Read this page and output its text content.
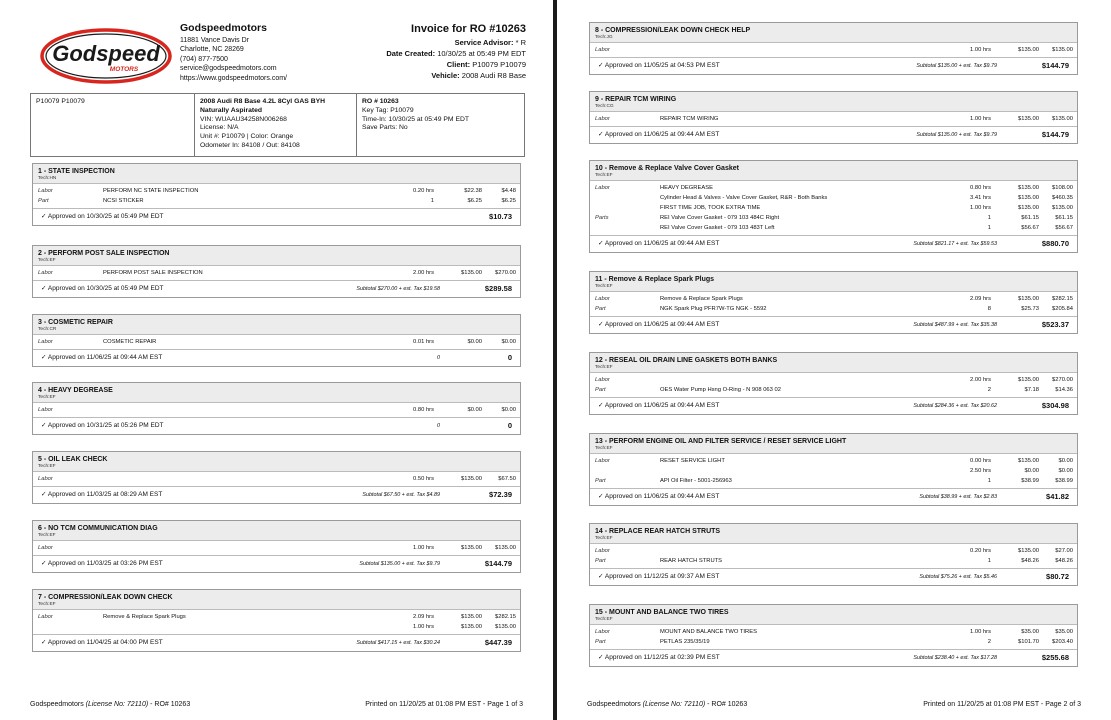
Godspeed
MOTORS
Godspeedmotors
11881 Vance Davis Dr
Charlotte, NC 28269
(704) 877-7500
service@godspeedmotors.com
https://www.godspeedmotors.com/
Invoice for RO #10263
Service Advisor: * R
Date Created: 10/30/25 at 05:49 PM EDT
Client: P10079 P10079
Vehicle: 2008 Audi R8 Base
P10079 P10079	2008 Audi R8 Base 4.2L 8Cyl GAS BYH
Naturally Aspirated
VIN: WUAAU34258N006268
License: N/A
Unit #: P10079 | Color: Orange
Odometer In: 84108 / Out: 84108
RO # 10263
Key Tag: P10079
Time-In: 10/30/25 at 05:49 PM EDT
Save Parts: No
1 - STATE INSPECTION
Tech:HN
Labor	PERFORM NC STATE INSPECTION	0.20 hrs	$22.38	$4.48
Part	NCSI STICKER	1	$6.25	$6.25
✓ Approved on 10/30/25 at 05:49 PM EDT	$10.73
2 - PERFORM POST SALE INSPECTION
Tech:EF
Labor	PERFORM POST SALE INSPECTION	2.00 hrs	$135.00	$270.00
✓ Approved on 10/30/25 at 05:49 PM EDT	Subtotal $270.00 + est. Tax $19.58	$289.58
3 - COSMETIC REPAIR
Tech:CR
Labor	COSMETIC REPAIR	0.01 hrs	$0.00	$0.00
✓ Approved on 11/06/25 at 09:44 AM EST	0	0
4 - HEAVY DEGREASE
Tech:EF
Labor	0.80 hrs	$0.00	$0.00
✓ Approved on 10/31/25 at 05:26 PM EDT	0	0
5 - OIL LEAK CHECK
Tech:EF
Labor	0.50 hrs	$135.00	$67.50
✓ Approved on 11/03/25 at 08:29 AM EST	Subtotal $67.50 + est. Tax $4.89	$72.39
6 - NO TCM COMMUNICATION DIAG
Tech:EF
Labor	1.00 hrs	$135.00	$135.00
✓ Approved on 11/03/25 at 03:26 PM EST	Subtotal $135.00 + est. Tax $9.79	$144.79
7 - COMPRESSION/LEAK DOWN CHECK
Tech:EF
Labor	Remove & Replace Spark Plugs	2.09 hrs	$135.00	$282.15
1.00 hrs	$135.00	$135.00
✓ Approved on 11/04/25 at 04:00 PM EST	Subtotal $417.15 + est. Tax $30.24	$447.39
Godspeedmotors (License No: 72110) - RO# 10263	Printed on 11/20/25 at 01:08 PM EST - Page 1 of 3
8 - COMPRESSION/LEAK DOWN CHECK HELP
Tech:JG
Labor	1.00 hrs	$135.00	$135.00
✓ Approved on 11/05/25 at 04:53 PM EST	Subtotal $135.00 + est. Tax $9.79	$144.79
9 - REPAIR TCM WIRING
Tech:CG
Labor	REPAIR TCM WIRING	1.00 hrs	$135.00	$135.00
✓ Approved on 11/06/25 at 09:44 AM EST	Subtotal $135.00 + est. Tax $9.79	$144.79
10 - Remove & Replace Valve Cover Gasket
Tech:EF
Labor	HEAVY DEGREASE	0.80 hrs	$135.00	$108.00
Cylinder Head & Valves - Valve Cover Gasket, R&R - Both Banks	3.41 hrs	$135.00	$460.35
FIRST TIME JOB, TOOK EXTRA TIME	1.00 hrs	$135.00	$135.00
Parts	REI Valve Cover Gasket - 079 103 484C Right	1	$61.15	$61.15
REI Valve Cover Gasket - 079 103 483T Left	1	$56.67	$56.67
✓ Approved on 11/06/25 at 09:44 AM EST	Subtotal $821.17 + est. Tax $59.53	$880.70
11 - Remove & Replace Spark Plugs
Tech:EF
Labor	Remove & Replace Spark Plugs	2.09 hrs	$135.00	$282.15
Part	NGK Spark Plug PFR7W-TG NGK - 5592	8	$25.73	$205.84
✓ Approved on 11/06/25 at 09:44 AM EST	Subtotal $487.99 + est. Tax $35.38	$523.37
12 - RESEAL OIL DRAIN LINE GASKETS BOTH BANKS
Tech:EF
Labor	2.00 hrs	$135.00	$270.00
Part	OES Water Pump Hsng O-Ring - N 908 063 02	2	$7.18	$14.36
✓ Approved on 11/06/25 at 09:44 AM EST	Subtotal $284.36 + est. Tax $20.62	$304.98
13 - PERFORM ENGINE OIL AND FILTER SERVICE / RESET SERVICE LIGHT
Tech:EF
Labor	RESET SERVICE LIGHT	0.00 hrs	$135.00	$0.00
2.50 hrs	$0.00	$0.00
Part	API Oil Filter - 5001-256963	1	$38.99	$38.99
✓ Approved on 11/06/25 at 09:44 AM EST	Subtotal $38.99 + est. Tax $2.83	$41.82
14 - REPLACE REAR HATCH STRUTS
Tech:EF
Labor	0.20 hrs	$135.00	$27.00
Part	REAR HATCH STRUTS	1	$48.26	$48.26
✓ Approved on 11/12/25 at 09:37 AM EST	Subtotal $75.26 + est. Tax $5.46	$80.72
15 - MOUNT AND BALANCE TWO TIRES
Tech:EF
Labor	MOUNT AND BALANCE TWO TIRES	1.00 hrs	$35.00	$35.00
Part	PETLAS 235/35/19	2	$101.70	$203.40
✓ Approved on 11/12/25 at 02:39 PM EST	Subtotal $238.40 + est. Tax $17.28	$255.68
Godspeedmotors (License No: 72110) - RO# 10263	Printed on 11/20/25 at 01:08 PM EST - Page 2 of 3
